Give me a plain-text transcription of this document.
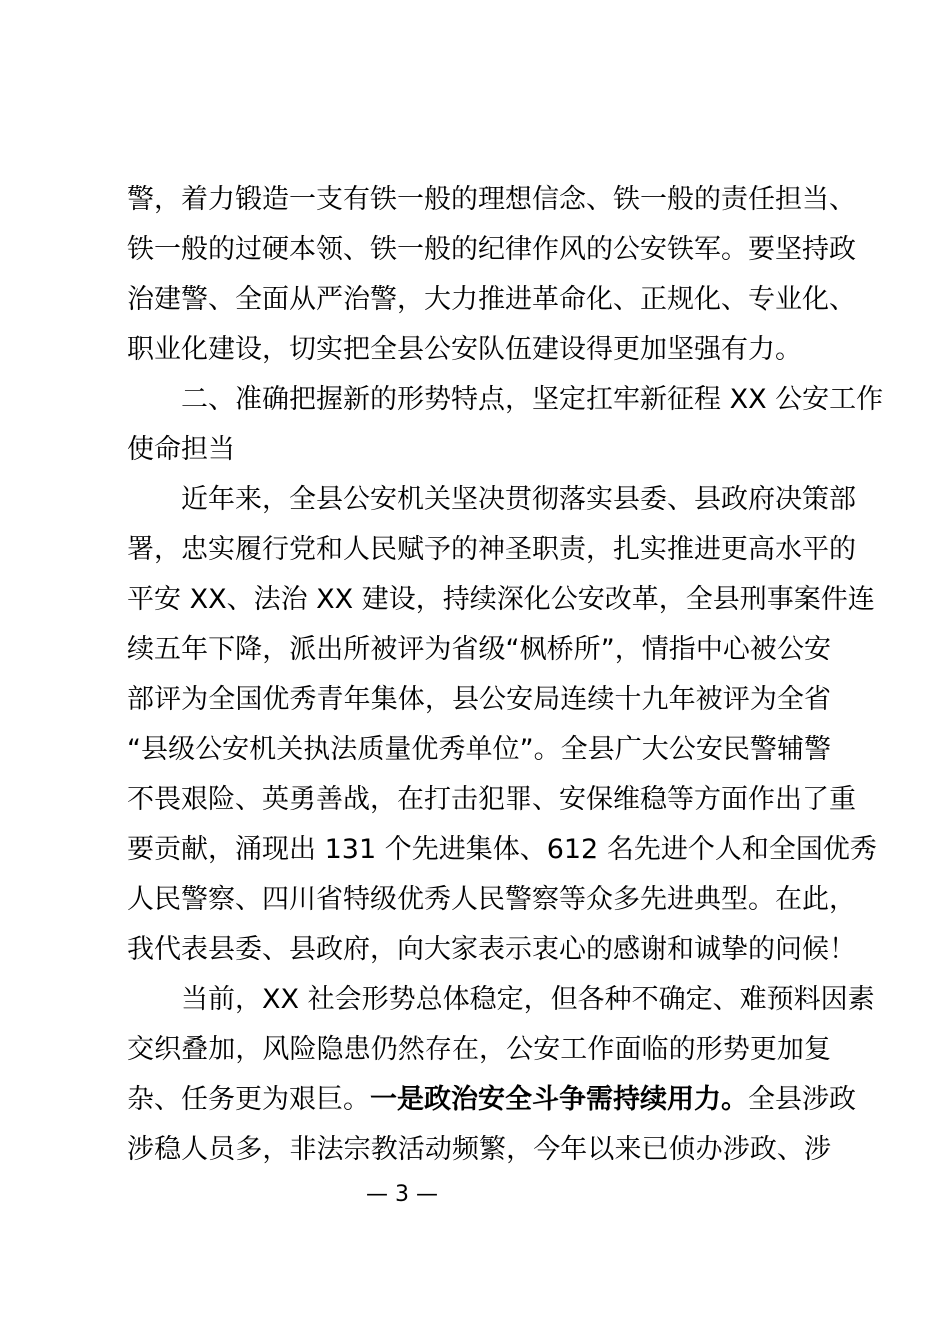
警，着力锻造一支有铁一般的理想信念、铁一般的责任担当、
铁一般的过硬本领、铁一般的纪律作风的公安铁军。要坚持政
治建警、全面从严治警，大力推进革命化、正规化、专业化、
职业化建设，切实把全县公安队伍建设得更加坚强有力。
二、准确把握新的形势特点，坚定扛牢新征程 XX 公安工作
使命担当
近年来，全县公安机关坚决贯彻落实县委、县政府决策部
署，忠实履行党和人民赋予的神圣职责，扎实推进更高水平的
平安 XX、法治 XX 建设，持续深化公安改革，全县刑事案件连
续五年下降，派出所被评为省级“枫桥所”，情指中心被公安
部评为全国优秀青年集体，县公安局连续十九年被评为全省
“县级公安机关执法质量优秀单位”。全县广大公安民警辅警
不畏艰险、英勇善战，在打击犯罪、安保维稳等方面作出了重
要贡献，涌现出 131 个先进集体、612 名先进个人和全国优秀
人民警察、四川省特级优秀人民警察等众多先进典型。在此，
我代表县委、县政府，向大家表示衷心的感谢和诚挚的问候！
当前，XX 社会形势总体稳定，但各种不确定、难预料因素
交织叠加，风险隐患仍然存在，公安工作面临的形势更加复
杂、任务更为艰巨。一是政治安全斗争需持续用力。全县涉政
涉稳人员多，非法宗教活动频繁，今年以来已侦办涉政、涉
— 3 —
